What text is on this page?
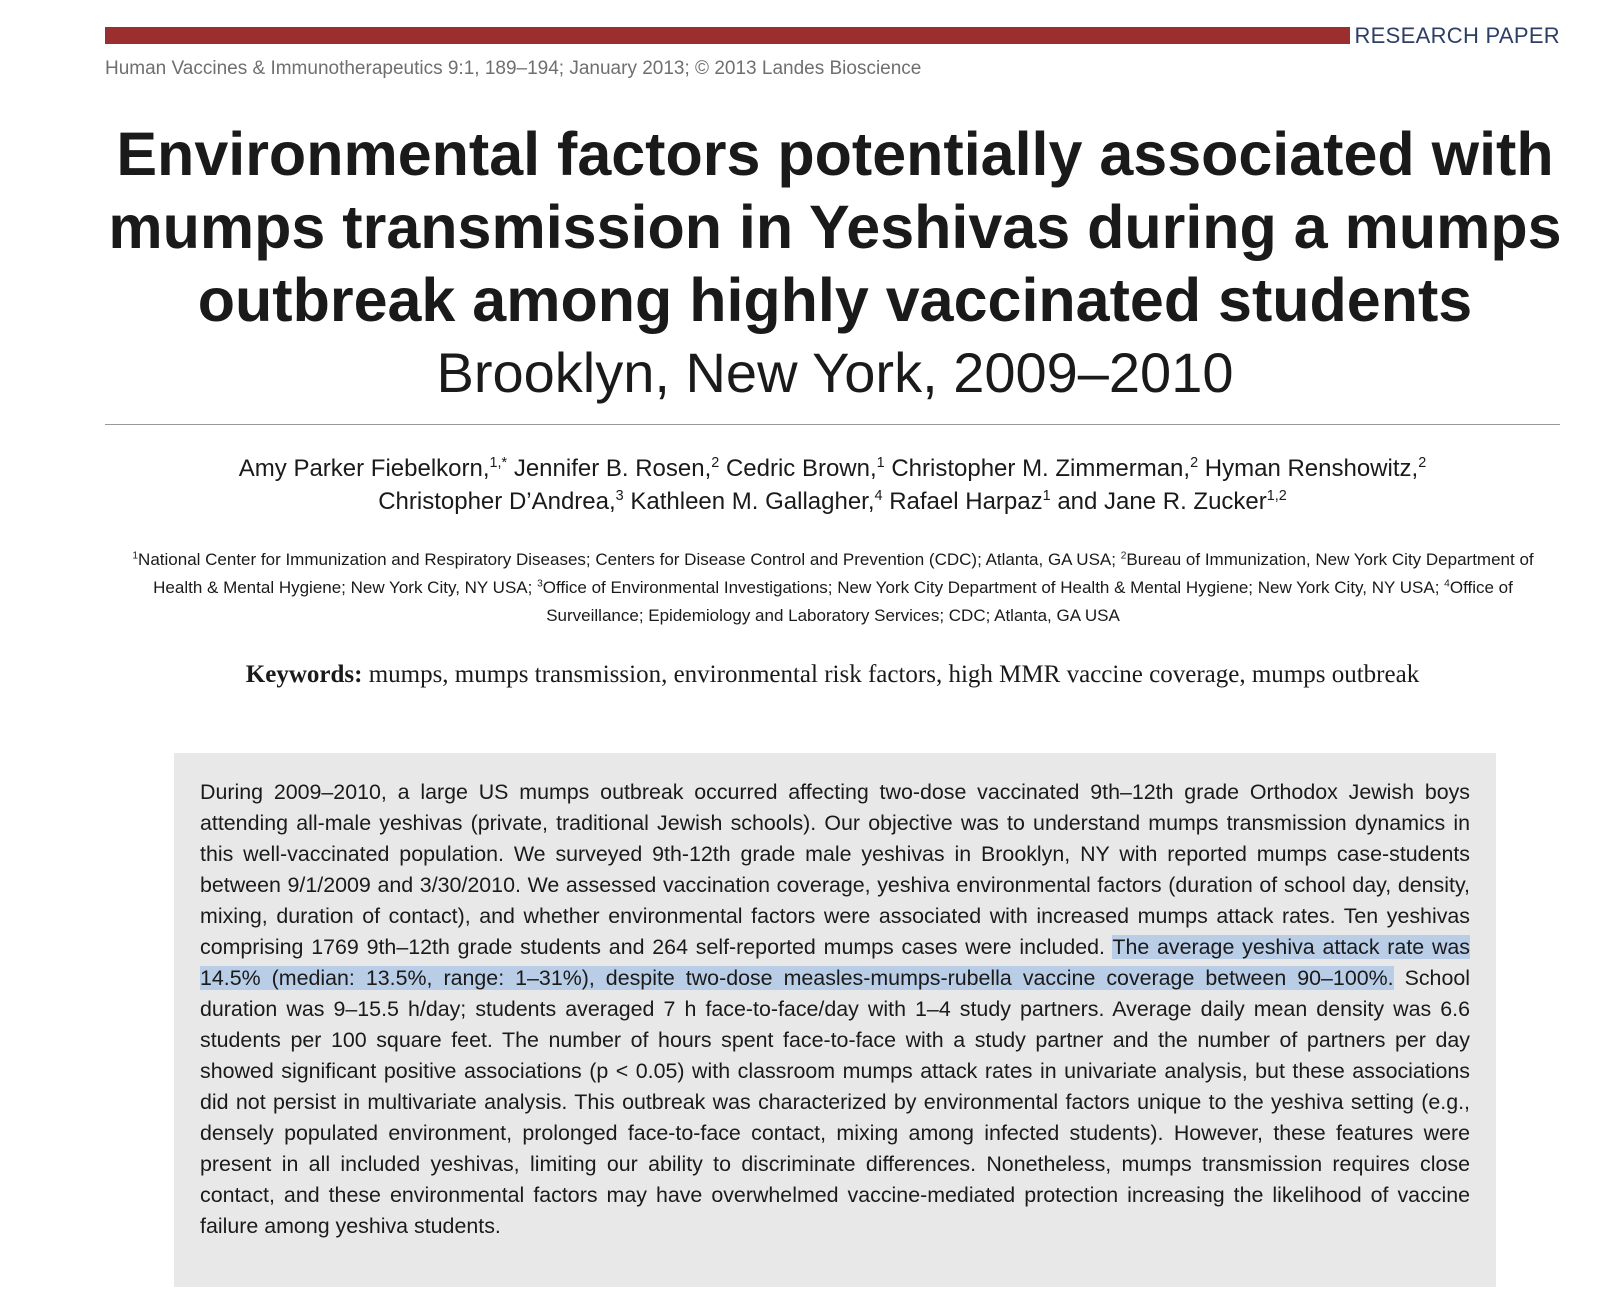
RESEARCH PAPER
Human Vaccines & Immunotherapeutics 9:1, 189–194; January 2013; © 2013 Landes Bioscience
Environmental factors potentially associated with mumps transmission in Yeshivas during a mumps outbreak among highly vaccinated students
Brooklyn, New York, 2009–2010
Amy Parker Fiebelkorn,$^{1,*}$ Jennifer B. Rosen,$^2$ Cedric Brown,$^1$ Christopher M. Zimmerman,$^2$ Hyman Renshowitz,$^2$
Christopher D’Andrea,$^3$ Kathleen M. Gallagher,$^4$ Rafael Harpaz$^1$ and Jane R. Zucker$^{1,2}$
$^1$National Center for Immunization and Respiratory Diseases; Centers for Disease Control and Prevention (CDC); Atlanta, GA USA; $^2$Bureau of Immunization, New York City Department of Health & Mental Hygiene; New York City, NY USA; $^3$Office of Environmental Investigations; New York City Department of Health & Mental Hygiene; New York City, NY USA; $^4$Office of Surveillance; Epidemiology and Laboratory Services; CDC; Atlanta, GA USA
Keywords: mumps, mumps transmission, environmental risk factors, high MMR vaccine coverage, mumps outbreak

During 2009–2010, a large US mumps outbreak occurred affecting two-dose vaccinated 9th–12th grade Orthodox Jewish boys attending all-male yeshivas (private, traditional Jewish schools). Our objective was to understand mumps transmission dynamics in this well-vaccinated population. We surveyed 9th-12th grade male yeshivas in Brooklyn, NY with reported mumps case-students between 9/1/2009 and 3/30/2010. We assessed vaccination coverage, yeshiva environmental factors (duration of school day, density, mixing, duration of contact), and whether environmental factors were associated with increased mumps attack rates. Ten yeshivas comprising 1769 9th–12th grade students and 264 self-reported mumps cases were included. The average yeshiva attack rate was 14.5% (median: 13.5%, range: 1–31%), despite two-dose measles-mumps-rubella vaccine coverage between 90–100%. School duration was 9–15.5 h/day; students averaged 7 h face-to-face/day with 1–4 study partners. Average daily mean density was 6.6 students per 100 square feet. The number of hours spent face-to-face with a study partner and the number of partners per day showed significant positive associations (p < 0.05) with classroom mumps attack rates in univariate analysis, but these associations did not persist in multivariate analysis. This outbreak was characterized by environmental factors unique to the yeshiva setting (e.g., densely populated environment, prolonged face-to-face contact, mixing among infected students). However, these features were present in all included yeshivas, limiting our ability to discriminate differences. Nonetheless, mumps transmission requires close contact, and these environmental factors may have overwhelmed vaccine-mediated protection increasing the likelihood of vaccine failure among yeshiva students.
